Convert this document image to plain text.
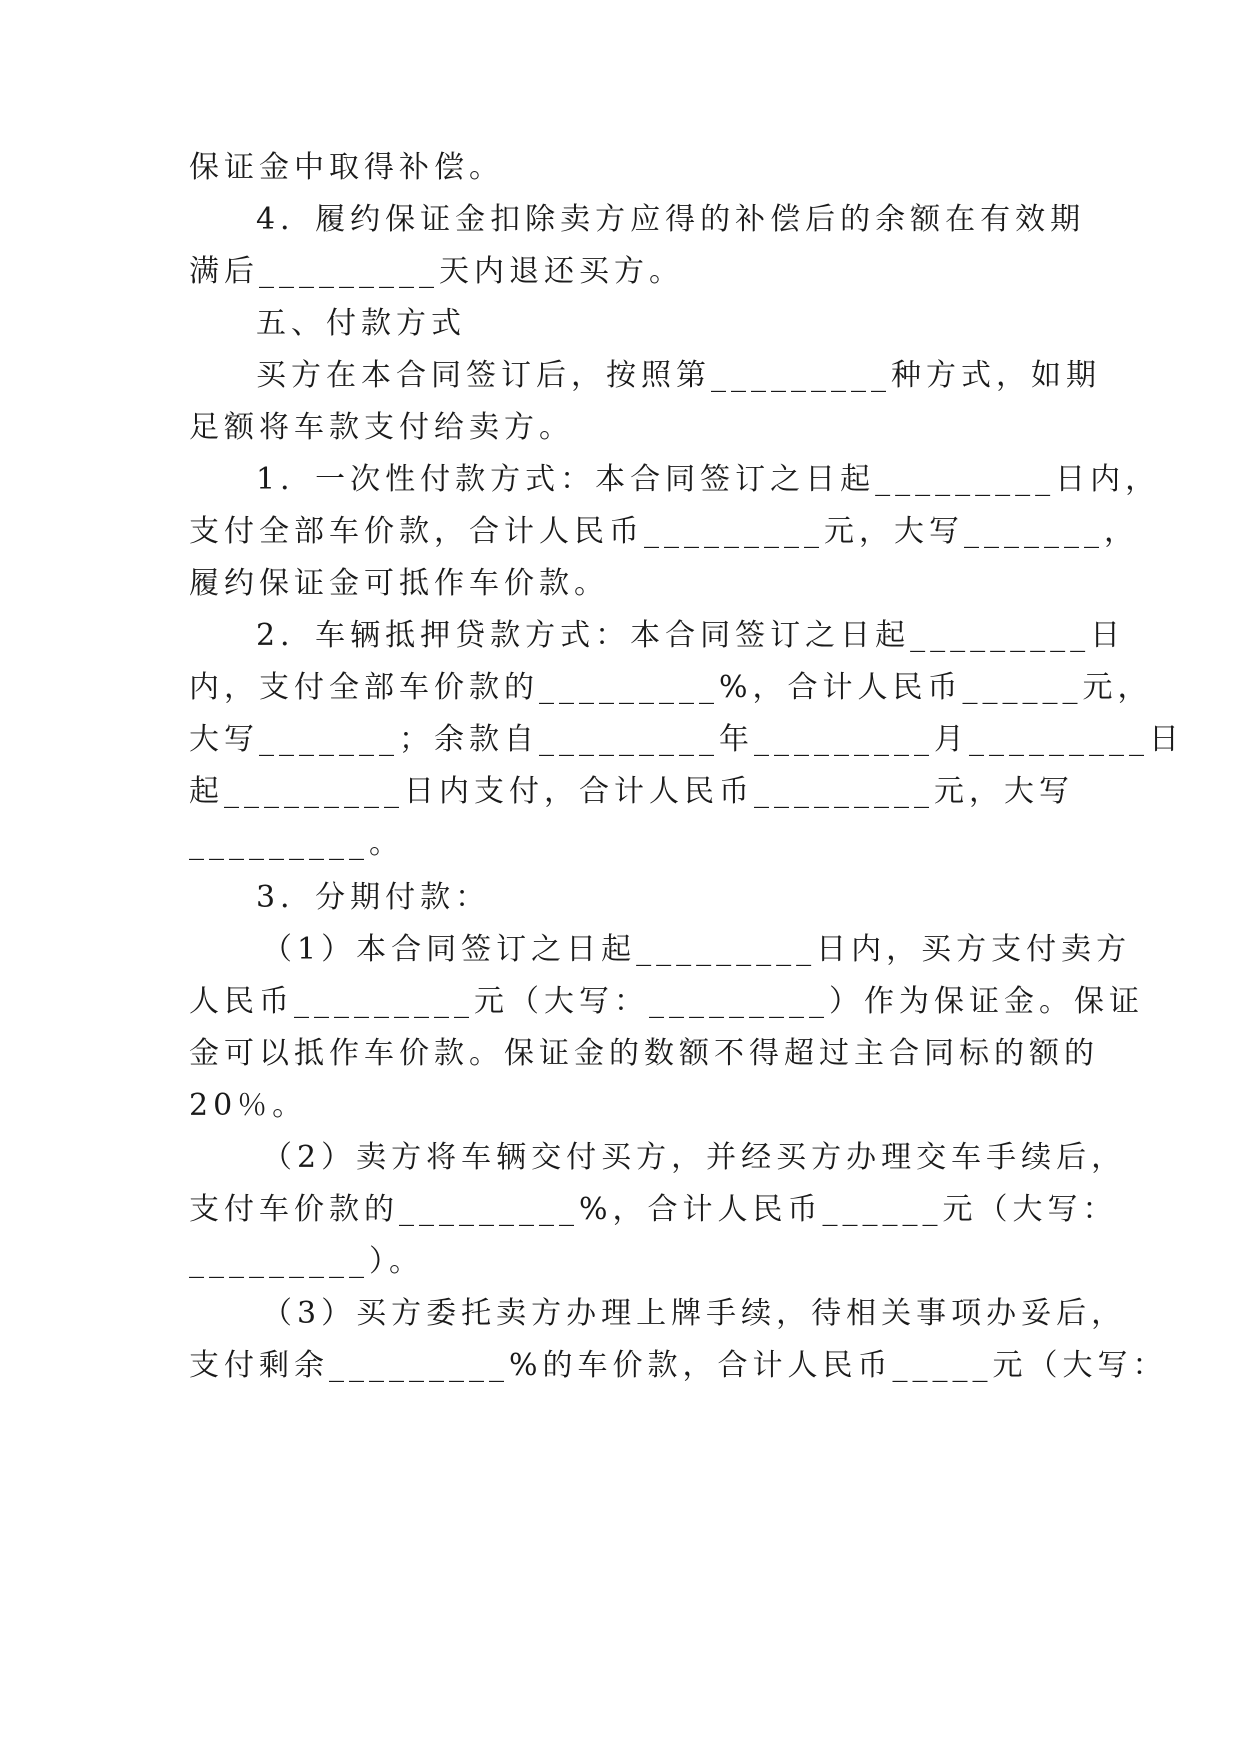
保证金中取得补偿。
4．履约保证金扣除卖方应得的补偿后的余额在有效期
满后_________天内退还买方。
五、付款方式
买方在本合同签订后，按照第_________种方式，如期
足额将车款支付给卖方。
1．一次性付款方式：本合同签订之日起_________日内，
支付全部车价款，合计人民币_________元，大写_______，
履约保证金可抵作车价款。
2．车辆抵押贷款方式：本合同签订之日起_________日
内，支付全部车价款的_________%，合计人民币______元，
大写_______；余款自_________年_________月_________日
起_________日内支付，合计人民币_________元，大写
_________。
3．分期付款：
（1）本合同签订之日起_________日内，买方支付卖方
人民币_________元（大写：_________）作为保证金。保证
金可以抵作车价款。保证金的数额不得超过主合同标的额的
20％。
（2）卖方将车辆交付买方，并经买方办理交车手续后，
支付车价款的_________%，合计人民币______元（大写：
_________）。
（3）买方委托卖方办理上牌手续，待相关事项办妥后，
支付剩余_________%的车价款，合计人民币_____元（大写：
